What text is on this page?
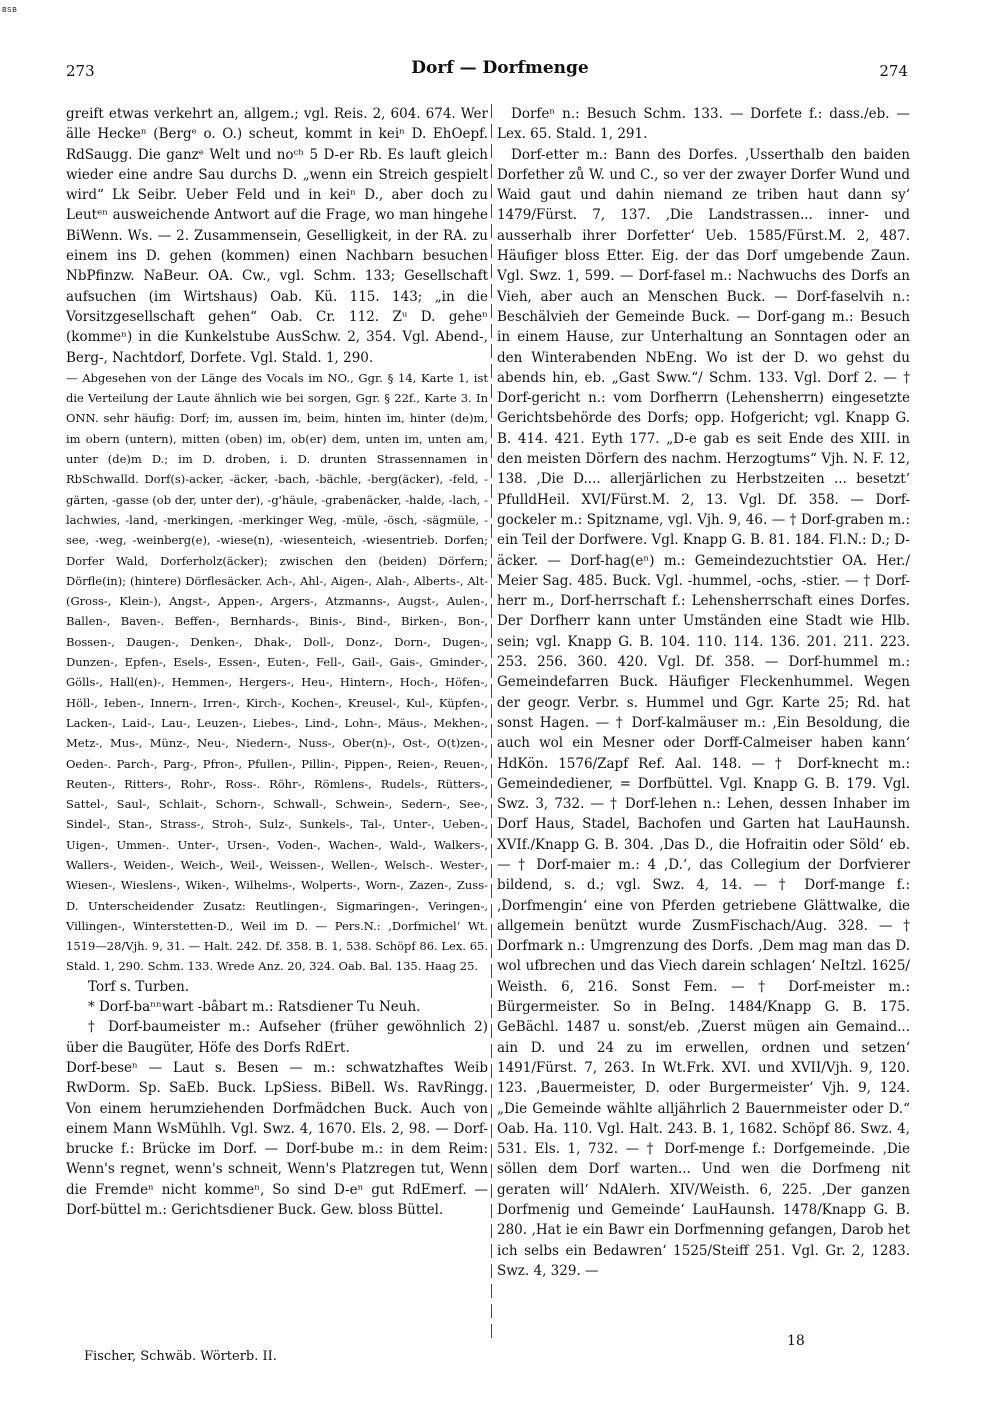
BSB
273	Dorf — Dorfmenge	274

greift etwas verkehrt an, allgem.; vgl. Reis. 2, 604. 674. Wer älle Heckeⁿ (Bergᵉ o. O.) scheut, kommt in keiⁿ D. EhOepf. RdSaugg. Die ganzᵉ Welt und noᶜʰ 5 D-er Rb. Es lauft gleich wieder eine andre Sau durchs D. „wenn ein Streich gespielt wird“ Lk Seibr. Ueber Feld und in keiⁿ D., aber doch zu Leutᵉⁿ ausweichende Antwort auf die Frage, wo man hingehe BiWenn. Ws. — 2. Zusammensein, Geselligkeit, in der RA. zu einem ins D. gehen (kommen) einen Nachbarn besuchen NbPfinzw. NaBeur. OA. Cw., vgl. Schm. 133; Gesellschaft aufsuchen (im Wirtshaus) Oab. Kü. 115. 143; „in die Vorsitzgesellschaft gehen“ Oab. Cr. 112. Zᵘ D. geheⁿ (kommeⁿ) in die Kunkelstube AusSchw. 2, 354. Vgl. Abend-, Berg-, Nachtdorf, Dorfete. Vgl. Stald. 1, 290.

— Abgesehen von der Länge des Vocals im NO., Ggr. § 14, Karte 1, ist die Verteilung der Laute ähnlich wie bei sorgen, Ggr. § 22f., Karte 3. In ONN. sehr häufig: Dorf; im, aussen im, beim, hinten im, hinter (de)m, im obern (untern), mitten (oben) im, ob(er) dem, unten im, unten am, unter (de)m D.; im D. droben, i. D. drunten Strassennamen in RbSchwalld. Dorf(s)-acker, -äcker, -bach, -bächle, -berg(äcker), -feld, -gärten, -gasse (ob der, unter der), -g'häule, -grabenäcker, -halde, -lach, -lachwies, -land, -merkingen, -merkinger Weg, -müle, -ösch, -sägmüle, -see, -weg, -weinberg(e), -wiese(n), -wiesenteich, -wiesentrieb. Dorfen; Dorfer Wald, Dorferholz(äcker); zwischen den (beiden) Dörfern; Dörfle(in); (hintere) Dörflesäcker. Ach-, Ahl-, Aigen-, Alah-, Alberts-, Alt- (Gross-, Klein-), Angst-, Appen-, Argers-, Atzmanns-, Augst-, Aulen-, Ballen-, Baven-. Beffen-, Bernhards-, Binis-, Bind-, Birken-, Bon-, Bossen-, Daugen-, Denken-, Dhak-, Doll-, Donz-, Dorn-, Dugen-, Dunzen-, Epfen-, Esels-, Essen-, Euten-, Fell-, Gail-, Gais-, Gminder-, Gölls-, Hall(en)-, Hemmen-, Hergers-, Heu-, Hintern-, Hoch-, Höfen-, Höll-, Ieben-, Innern-, Irren-, Kirch-, Kochen-, Kreusel-, Kul-, Küpfen-, Lacken-, Laid-, Lau-, Leuzen-, Liebes-, Lind-, Lohn-, Mäus-, Mekhen-, Metz-, Mus-, Münz-, Neu-, Niedern-, Nuss-, Ober(n)-, Ost-, O(t)zen-, Oeden-. Parch-, Parg-, Pfron-, Pfullen-, Pillin-, Pippen-, Reien-, Reuen-, Reuten-, Ritters-, Rohr-, Ross-. Röhr-, Römlens-, Rudels-, Rütters-, Sattel-, Saul-, Schlait-, Schorn-, Schwall-, Schwein-, Sedern-, See-, Sindel-, Stan-, Strass-, Stroh-, Sulz-, Sunkels-, Tal-, Unter-, Ueben-, Uigen-, Ummen-. Unter-, Ursen-, Voden-, Wachen-, Wald-, Walkers-, Wallers-, Weiden-, Weich-, Weil-, Weissen-, Wellen-, Welsch-. Wester-, Wiesen-, Wieslens-, Wiken-, Wilhelms-, Wolperts-, Worn-, Zazen-, Zuss-D. Unterscheidender Zusatz: Reutlingen-, Sigmaringen-, Veringen-, Villingen-, Winterstetten-D., Weil im D. — Pers.N.: ‚Dorfmichel‘ Wt. 1519—28/Vjh. 9, 31. — Halt. 242. Df. 358. B. 1, 538. Schöpf 86. Lex. 65. Stald. 1, 290. Schm. 133. Wrede Anz. 20, 324. Oab. Bal. 135. Haag 25.

Torf s. Turben.

* Dorf-baⁿⁿwart -bâbart m.: Ratsdiener Tu Neuh.

† Dorf-baumeister m.: Aufseher (früher gewöhnlich 2) über die Baugüter, Höfe des Dorfs RdErt.

Dorf-beseⁿ — Laut s. Besen — m.: schwatzhaftes Weib RwDorm. Sp. SaEb. Buck. LpSiess. BiBell. Ws. RavRingg. Von einem herumziehenden Dorfmädchen Buck. Auch von einem Mann WsMühlh. Vgl. Swz. 4, 1670. Els. 2, 98. — Dorf-brucke f.: Brücke im Dorf. — Dorf-bube m.: in dem Reim: Wenn's regnet, wenn's schneit, Wenn's Platzregen tut, Wenn die Fremdeⁿ nicht kommeⁿ, So sind D-eⁿ gut RdEmerf. — Dorf-büttel m.: Gerichtsdiener Buck. Gew. bloss Büttel.

Dorfeⁿ n.: Besuch Schm. 133. — Dorfete f.: dass./eb. — Lex. 65. Stald. 1, 291.

Dorf-etter m.: Bann des Dorfes. ‚Usserthalb den baiden Dorfether zů W. und C., so ver der zwayer Dorfer Wund und Waid gaut und dahin niemand ze triben haut dann sy‘ 1479/Fürst. 7, 137. ‚Die Landstrassen... inner- und ausserhalb ihrer Dorfetter‘ Ueb. 1585/Fürst.M. 2, 487. Häufiger bloss Etter. Eig. der das Dorf umgebende Zaun. Vgl. Swz. 1, 599. — Dorf-fasel m.: Nachwuchs des Dorfs an Vieh, aber auch an Menschen Buck. — Dorf-faselvih n.: Beschälvieh der Gemeinde Buck. — Dorf-gang m.: Besuch in einem Hause, zur Unterhaltung an Sonntagen oder an den Winterabenden NbEng. Wo ist der D. wo gehst du abends hin, eb. „Gast Sww.“/ Schm. 133. Vgl. Dorf 2. — † Dorf-gericht n.: vom Dorfherrn (Lehensherrn) eingesetzte Gerichtsbehörde des Dorfs; opp. Hofgericht; vgl. Knapp G. B. 414. 421. Eyth 177. „D-e gab es seit Ende des XIII. in den meisten Dörfern des nachm. Herzogtums“ Vjh. N. F. 12, 138. ‚Die D.... allerjärlichen zu Herbstzeiten ... besetzt‘ PfulldHeil. XVI/Fürst.M. 2, 13. Vgl. Df. 358. — Dorf-gockeler m.: Spitzname, vgl. Vjh. 9, 46. — † Dorf-graben m.: ein Teil der Dorfwere. Vgl. Knapp G. B. 81. 184. Fl.N.: D.; D-äcker. — Dorf-hag(eⁿ) m.: Gemeindezuchtstier OA. Her./ Meier Sag. 485. Buck. Vgl. -hummel, -ochs, -stier. — † Dorf-herr m., Dorf-herrschaft f.: Lehensherrschaft eines Dorfes. Der Dorfherr kann unter Umständen eine Stadt wie Hlb. sein; vgl. Knapp G. B. 104. 110. 114. 136. 201. 211. 223. 253. 256. 360. 420. Vgl. Df. 358. — Dorf-hummel m.: Gemeindefarren Buck. Häufiger Fleckenhummel. Wegen der geogr. Verbr. s. Hummel und Ggr. Karte 25; Rd. hat sonst Hagen. — † Dorf-kalmäuser m.: ‚Ein Besoldung, die auch wol ein Mesner oder Dorff-Calmeiser haben kann‘ HdKön. 1576/Zapf Ref. Aal. 148. — † Dorf-knecht m.: Gemeindediener, = Dorfbüttel. Vgl. Knapp G. B. 179. Vgl. Swz. 3, 732. — † Dorf-lehen n.: Lehen, dessen Inhaber im Dorf Haus, Stadel, Bachofen und Garten hat LauHaunsh. XVIf./Knapp G. B. 304. ‚Das D., die Hofraitin oder Söld‘ eb. — † Dorf-maier m.: 4 ‚D.‘, das Collegium der Dorfvierer bildend, s. d.; vgl. Swz. 4, 14. — † Dorf-mange f.: ‚Dorfmengin‘ eine von Pferden getriebene Glättwalke, die allgemein benützt wurde ZusmFischach/Aug. 328. — † Dorfmark n.: Umgrenzung des Dorfs. ‚Dem mag man das D. wol ufbrechen und das Viech darein schlagen‘ NeItzl. 1625/ Weisth. 6, 216. Sonst Fem. — † Dorf-meister m.: Bürgermeister. So in BeIng. 1484/Knapp G. B. 175. GeBächl. 1487 u. sonst/eb. ‚Zuerst mügen ain Gemaind... ain D. und 24 zu im erwellen, ordnen und setzen‘ 1491/Fürst. 7, 263. In Wt.Frk. XVI. und XVII/Vjh. 9, 120. 123. ‚Bauermeister, D. oder Burgermeister‘ Vjh. 9, 124. „Die Gemeinde wählte alljährlich 2 Bauernmeister oder D.“ Oab. Ha. 110. Vgl. Halt. 243. B. 1, 1682. Schöpf 86. Swz. 4, 531. Els. 1, 732. — † Dorf-menge f.: Dorfgemeinde. ‚Die söllen dem Dorf warten... Und wen die Dorfmeng nit geraten will‘ NdAlerh. XIV/Weisth. 6, 225. ‚Der ganzen Dorfmenig und Gemeinde‘ LauHaunsh. 1478/Knapp G. B. 280. ‚Hat ie ein Bawr ein Dorfmenning gefangen, Darob het ich selbs ein Bedawren‘ 1525/Steiff 251. Vgl. Gr. 2, 1283. Swz. 4, 329. —

Fischer, Schwäb. Wörterb. II.
18
